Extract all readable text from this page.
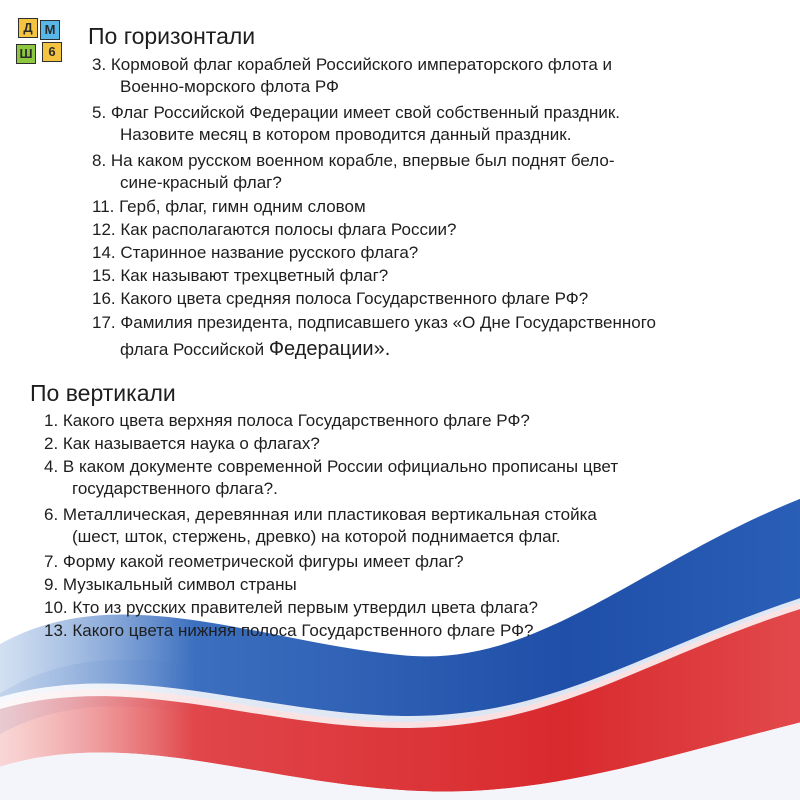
Д М
Ш	6
По горизонтали
3. Кормовой флаг кораблей Российского императорского флота и
Военно-морского флота РФ
5. Флаг Российской Федерации имеет свой собственный праздник.
Назовите месяц в котором проводится данный праздник.
8. На каком русском военном корабле, впервые был поднят бело-
сине-красный флаг?
11. Герб, флаг, гимн одним словом
12. Как располагаются полосы флага России?
14. Старинное название русского флага?
15. Как называют трехцветный флаг?
16. Какого цвета средняя полоса Государственного флаге РФ?
17. Фамилия президента, подписавшего указ «О Дне Государственного
флага Российской Федерации».
По вертикали
1. Какого цвета верхняя полоса Государственного флаге РФ?
2. Как называется наука о флагах?
4. В каком документе современной России официально прописаны цвет
государственного флага?.
6. Металлическая, деревянная или пластиковая вертикальная стойка
(шест, шток, стержень, древко) на которой поднимается флаг.
7. Форму какой геометрической фигуры имеет флаг?
9. Музыкальный символ страны
10. Кто из русских правителей первым утвердил цвета флага?
13. Какого цвета нижняя полоса Государственного флаге РФ?
